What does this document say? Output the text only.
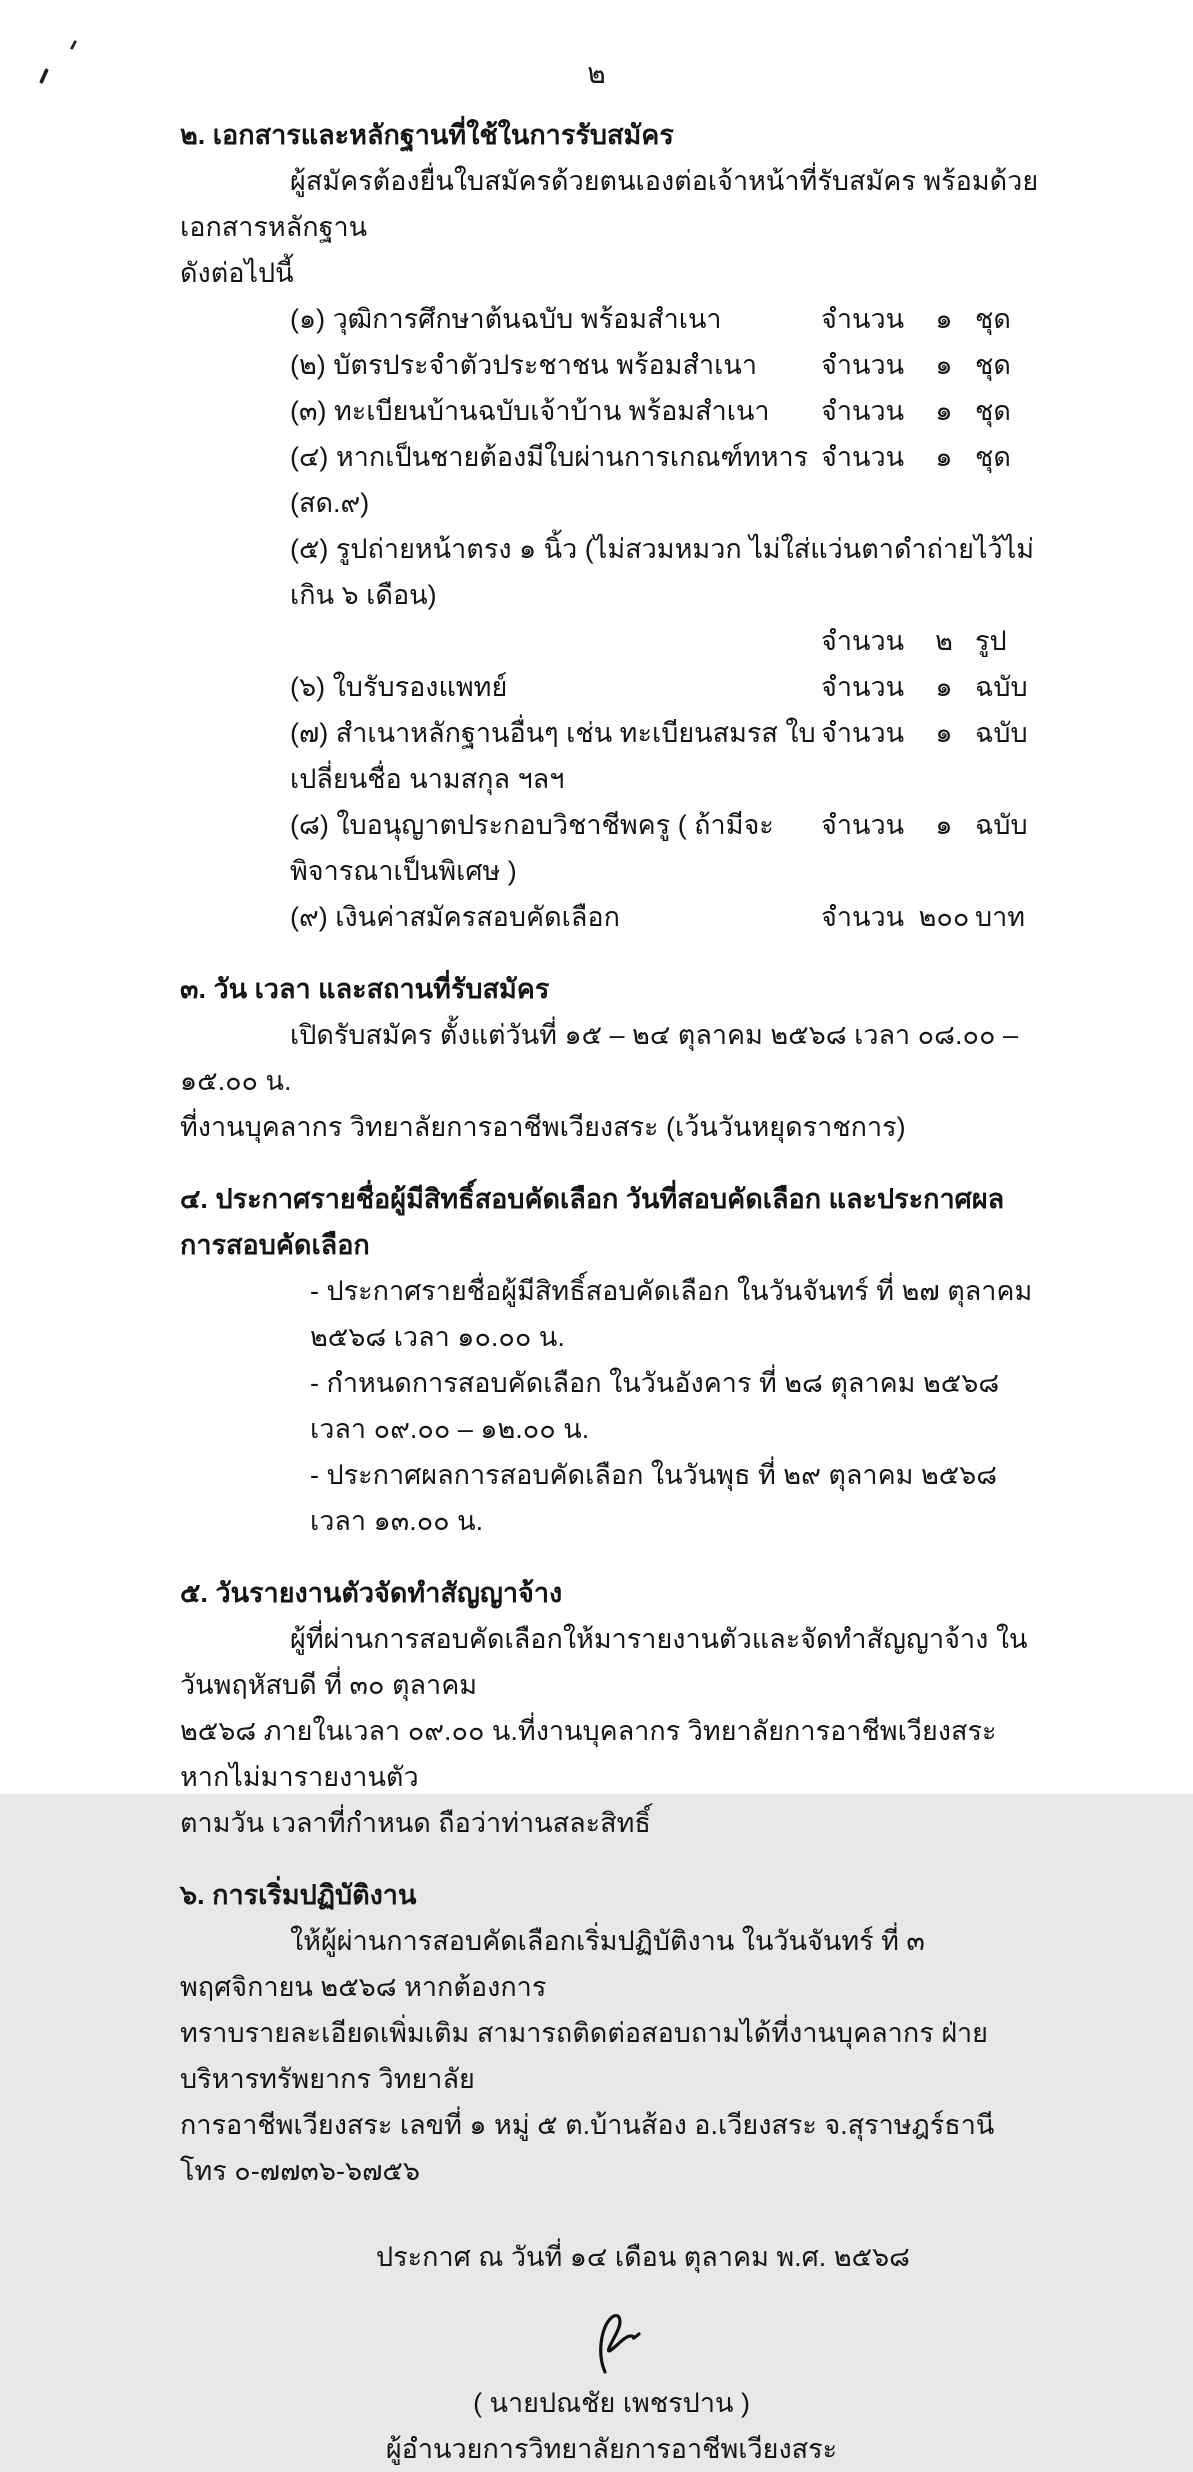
๒
๒. เอกสารและหลักฐานที่ใช้ในการรับสมัคร
ผู้สมัครต้องยื่นใบสมัครด้วยตนเองต่อเจ้าหน้าที่รับสมัคร พร้อมด้วยเอกสารหลักฐาน
ดังต่อไปนี้
(๑) วุฒิการศึกษาต้นฉบับ พร้อมสำเนา	จำนวน	๑ ชุด
(๒) บัตรประจำตัวประชาชน พร้อมสำเนา จำนวน	๑ ชุด
(๓) ทะเบียนบ้านฉบับเจ้าบ้าน พร้อมสำเนา จำนวน	๑ ชุด
(๔) หากเป็นชายต้องมีใบผ่านการเกณฑ์ทหาร (สด.๙)
จำนวน	๑ ชุด
(๕) รูปถ่ายหน้าตรง ๑ นิ้ว (ไม่สวมหมวก ไม่ใส่แว่นตาดำถ่ายไว้ไม่เกิน ๖ เดือน)
จำนวน	๒ รูป
(๖) ใบรับรองแพทย์	จำนวน	๑ ฉบับ
(๗) สำเนาหลักฐานอื่นๆ เช่น ทะเบียนสมรส ใบเปลี่ยนชื่อ นามสกุล ฯลฯ
จำนวน	๑ ฉบับ
(๘) ใบอนุญาตประกอบวิชาชีพครู ( ถ้ามีจะพิจารณาเป็นพิเศษ )
จำนวน	๑ ฉบับ
(๙) เงินค่าสมัครสอบคัดเลือก	จำนวน ๒๐๐ บาท
๓. วัน เวลา และสถานที่รับสมัคร
เปิดรับสมัคร ตั้งแต่วันที่ ๑๕ – ๒๔ ตุลาคม ๒๕๖๘ เวลา ๐๘.๐๐ – ๑๕.๐๐ น.
ที่งานบุคลากร วิทยาลัยการอาชีพเวียงสระ (เว้นวันหยุดราชการ)
๔. ประกาศรายชื่อผู้มีสิทธิ์สอบคัดเลือก วันที่สอบคัดเลือก และประกาศผลการสอบคัดเลือก
- ประกาศรายชื่อผู้มีสิทธิ์สอบคัดเลือก ในวันจันทร์ ที่ ๒๗ ตุลาคม ๒๕๖๘ เวลา ๑๐.๐๐ น.
- กำหนดการสอบคัดเลือก ในวันอังคาร ที่ ๒๘ ตุลาคม ๒๕๖๘ เวลา ๐๙.๐๐ – ๑๒.๐๐ น.
- ประกาศผลการสอบคัดเลือก ในวันพุธ ที่ ๒๙ ตุลาคม ๒๕๖๘ เวลา ๑๓.๐๐ น.
๕. วันรายงานตัวจัดทำสัญญาจ้าง
ผู้ที่ผ่านการสอบคัดเลือกให้มารายงานตัวและจัดทำสัญญาจ้าง ในวันพฤหัสบดี ที่ ๓๐ ตุลาคม
๒๕๖๘ ภายในเวลา ๐๙.๐๐ น.ที่งานบุคลากร วิทยาลัยการอาชีพเวียงสระ หากไม่มารายงานตัว
ตามวัน เวลาที่กำหนด ถือว่าท่านสละสิทธิ์
๖. การเริ่มปฏิบัติงาน
ให้ผู้ผ่านการสอบคัดเลือกเริ่มปฏิบัติงาน ในวันจันทร์ ที่ ๓ พฤศจิกายน ๒๕๖๘ หากต้องการ
ทราบรายละเอียดเพิ่มเติม สามารถติดต่อสอบถามได้ที่งานบุคลากร ฝ่ายบริหารทรัพยากร วิทยาลัย
การอาชีพเวียงสระ เลขที่ ๑ หมู่ ๕ ต.บ้านส้อง อ.เวียงสระ จ.สุราษฎร์ธานี โทร ๐-๗๗๓๖-๖๗๕๖
ประกาศ ณ วันที่ ๑๔ เดือน ตุลาคม พ.ศ. ๒๕๖๘
( นายปณชัย เพชรปาน )
ผู้อำนวยการวิทยาลัยการอาชีพเวียงสระ
